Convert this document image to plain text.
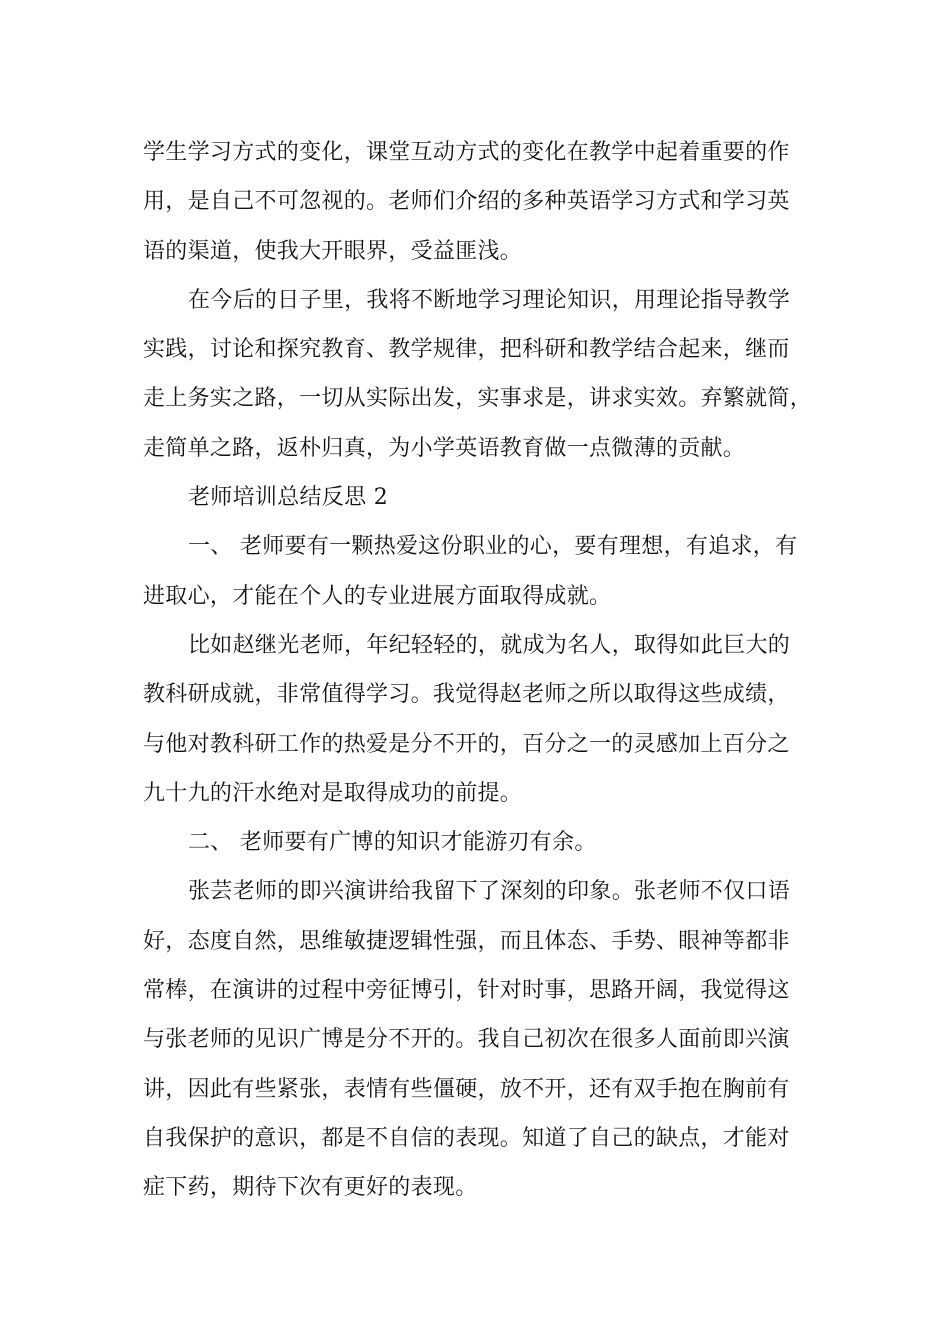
学生学习方式的变化，课堂互动方式的变化在教学中起着重要的作
用，是自己不可忽视的。老师们介绍的多种英语学习方式和学习英
语的渠道，使我大开眼界，受益匪浅。
在今后的日子里，我将不断地学习理论知识，用理论指导教学
实践，讨论和探究教育、教学规律，把科研和教学结合起来，继而
走上务实之路，一切从实际出发，实事求是，讲求实效。弃繁就简，
走简单之路，返朴归真，为小学英语教育做一点微薄的贡献。
老师培训总结反思 2
一、 老师要有一颗热爱这份职业的心，要有理想，有追求，有
进取心，才能在个人的专业进展方面取得成就。
比如赵继光老师，年纪轻轻的，就成为名人，取得如此巨大的
教科研成就，非常值得学习。我觉得赵老师之所以取得这些成绩，
与他对教科研工作的热爱是分不开的，百分之一的灵感加上百分之
九十九的汗水绝对是取得成功的前提。
二、 老师要有广博的知识才能游刃有余。
张芸老师的即兴演讲给我留下了深刻的印象。张老师不仅口语
好，态度自然，思维敏捷逻辑性强，而且体态、手势、眼神等都非
常棒，在演讲的过程中旁征博引，针对时事，思路开阔，我觉得这
与张老师的见识广博是分不开的。我自己初次在很多人面前即兴演
讲，因此有些紧张，表情有些僵硬，放不开，还有双手抱在胸前有
自我保护的意识，都是不自信的表现。知道了自己的缺点，才能对
症下药，期待下次有更好的表现。
